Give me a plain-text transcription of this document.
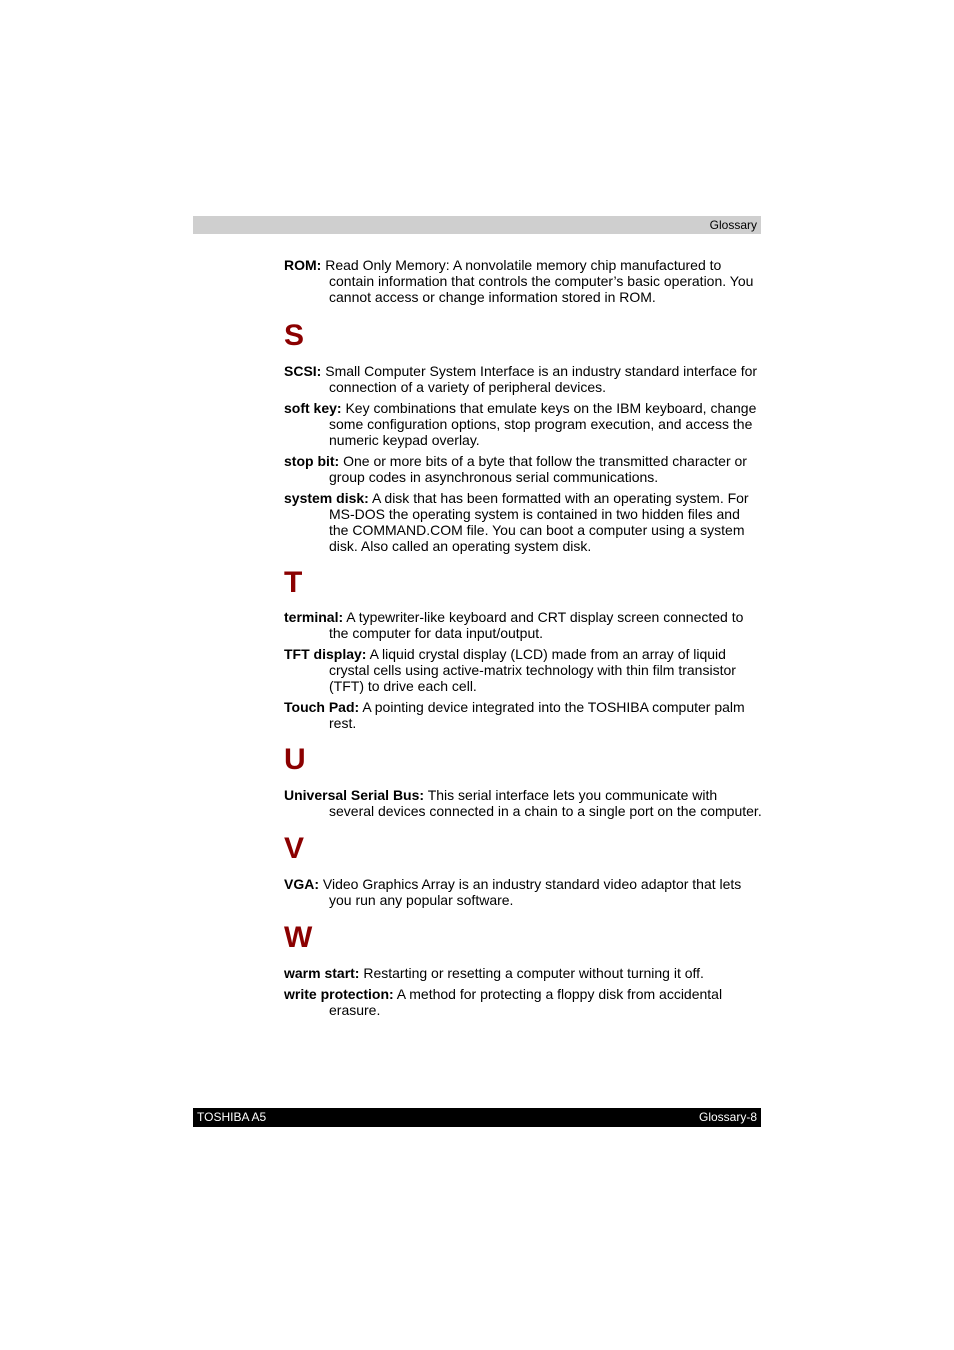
Glossary

ROM: Read Only Memory: A nonvolatile memory chip manufactured to contain information that controls the computer’s basic operation. You cannot access or change information stored in ROM.

S

SCSI: Small Computer System Interface is an industry standard interface for connection of a variety of peripheral devices.

soft key: Key combinations that emulate keys on the IBM keyboard, change some configuration options, stop program execution, and access the numeric keypad overlay.

stop bit: One or more bits of a byte that follow the transmitted character or group codes in asynchronous serial communications.

system disk: A disk that has been formatted with an operating system. For MS-DOS the operating system is contained in two hidden files and the COMMAND.COM file. You can boot a computer using a system disk. Also called an operating system disk.

T

terminal: A typewriter-like keyboard and CRT display screen connected to the computer for data input/output.

TFT display: A liquid crystal display (LCD) made from an array of liquid crystal cells using active-matrix technology with thin film transistor (TFT) to drive each cell.

Touch Pad: A pointing device integrated into the TOSHIBA computer palm rest.

U

Universal Serial Bus: This serial interface lets you communicate with several devices connected in a chain to a single port on the computer.

V

VGA: Video Graphics Array is an industry standard video adaptor that lets you run any popular software.

W

warm start: Restarting or resetting a computer without turning it off.

write protection: A method for protecting a floppy disk from accidental erasure.

TOSHIBA A5	Glossary-8
